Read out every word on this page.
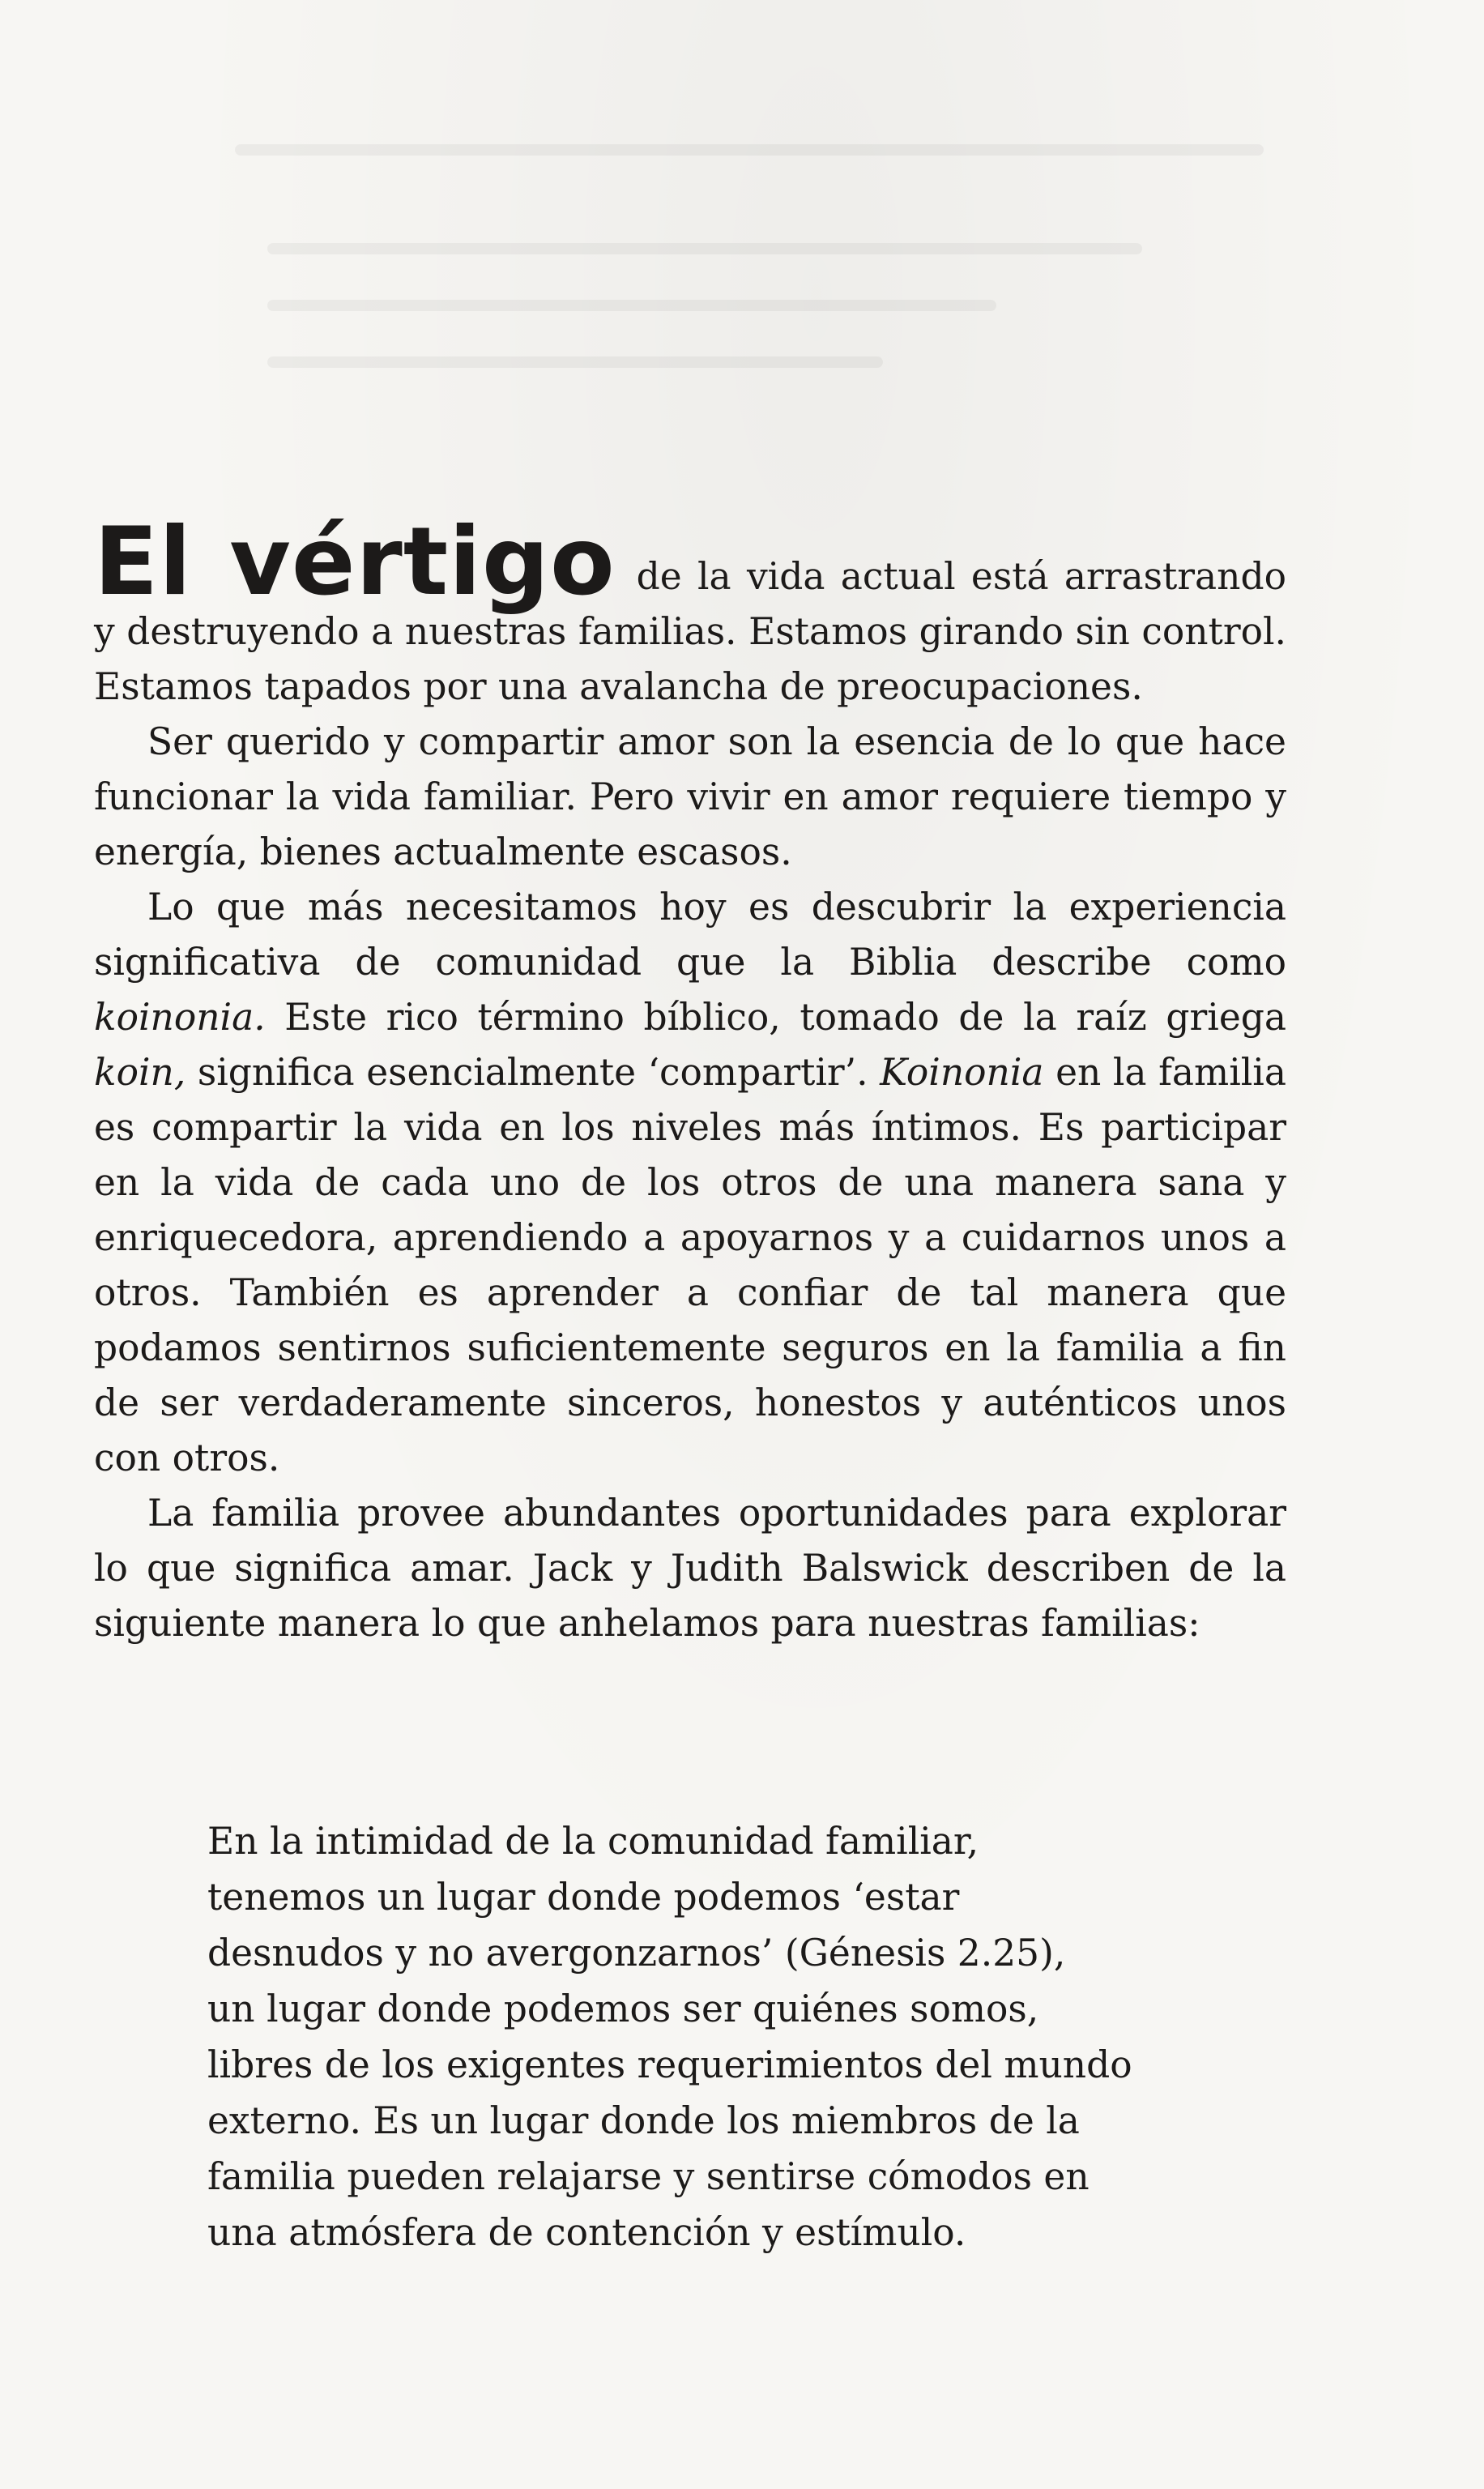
El vértigo de la vida actual está arrastrando y destruyendo a nuestras familias. Estamos girando sin control. Estamos tapados por una avalancha de preocupaciones.

Ser querido y compartir amor son la esencia de lo que hace funcionar la vida familiar. Pero vivir en amor requiere tiempo y energía, bienes actualmente escasos.

Lo que más necesitamos hoy es descubrir la experiencia significativa de comunidad que la Biblia describe como koinonia. Este rico término bíblico, tomado de la raíz griega koin, significa esencialmente ‘compartir’. Koinonia en la familia es compartir la vida en los niveles más íntimos. Es participar en la vida de cada uno de los otros de una manera sana y enriquecedora, aprendiendo a apoyarnos y a cuidarnos unos a otros. También es aprender a confiar de tal manera que podamos sentirnos suficientemente seguros en la familia a fin de ser verdaderamente sinceros, honestos y auténticos unos con otros.

La familia provee abundantes oportunidades para explorar lo que significa amar. Jack y Judith Balswick describen de la siguiente manera lo que anhelamos para nuestras familias:

En la intimidad de la comunidad familiar,
tenemos un lugar donde podemos ‘estar
desnudos y no avergonzarnos’ (Génesis 2.25),
un lugar donde podemos ser quiénes somos,
libres de los exigentes requerimientos del mundo
externo. Es un lugar donde los miembros de la
familia pueden relajarse y sentirse cómodos en
una atmósfera de contención y estímulo.
